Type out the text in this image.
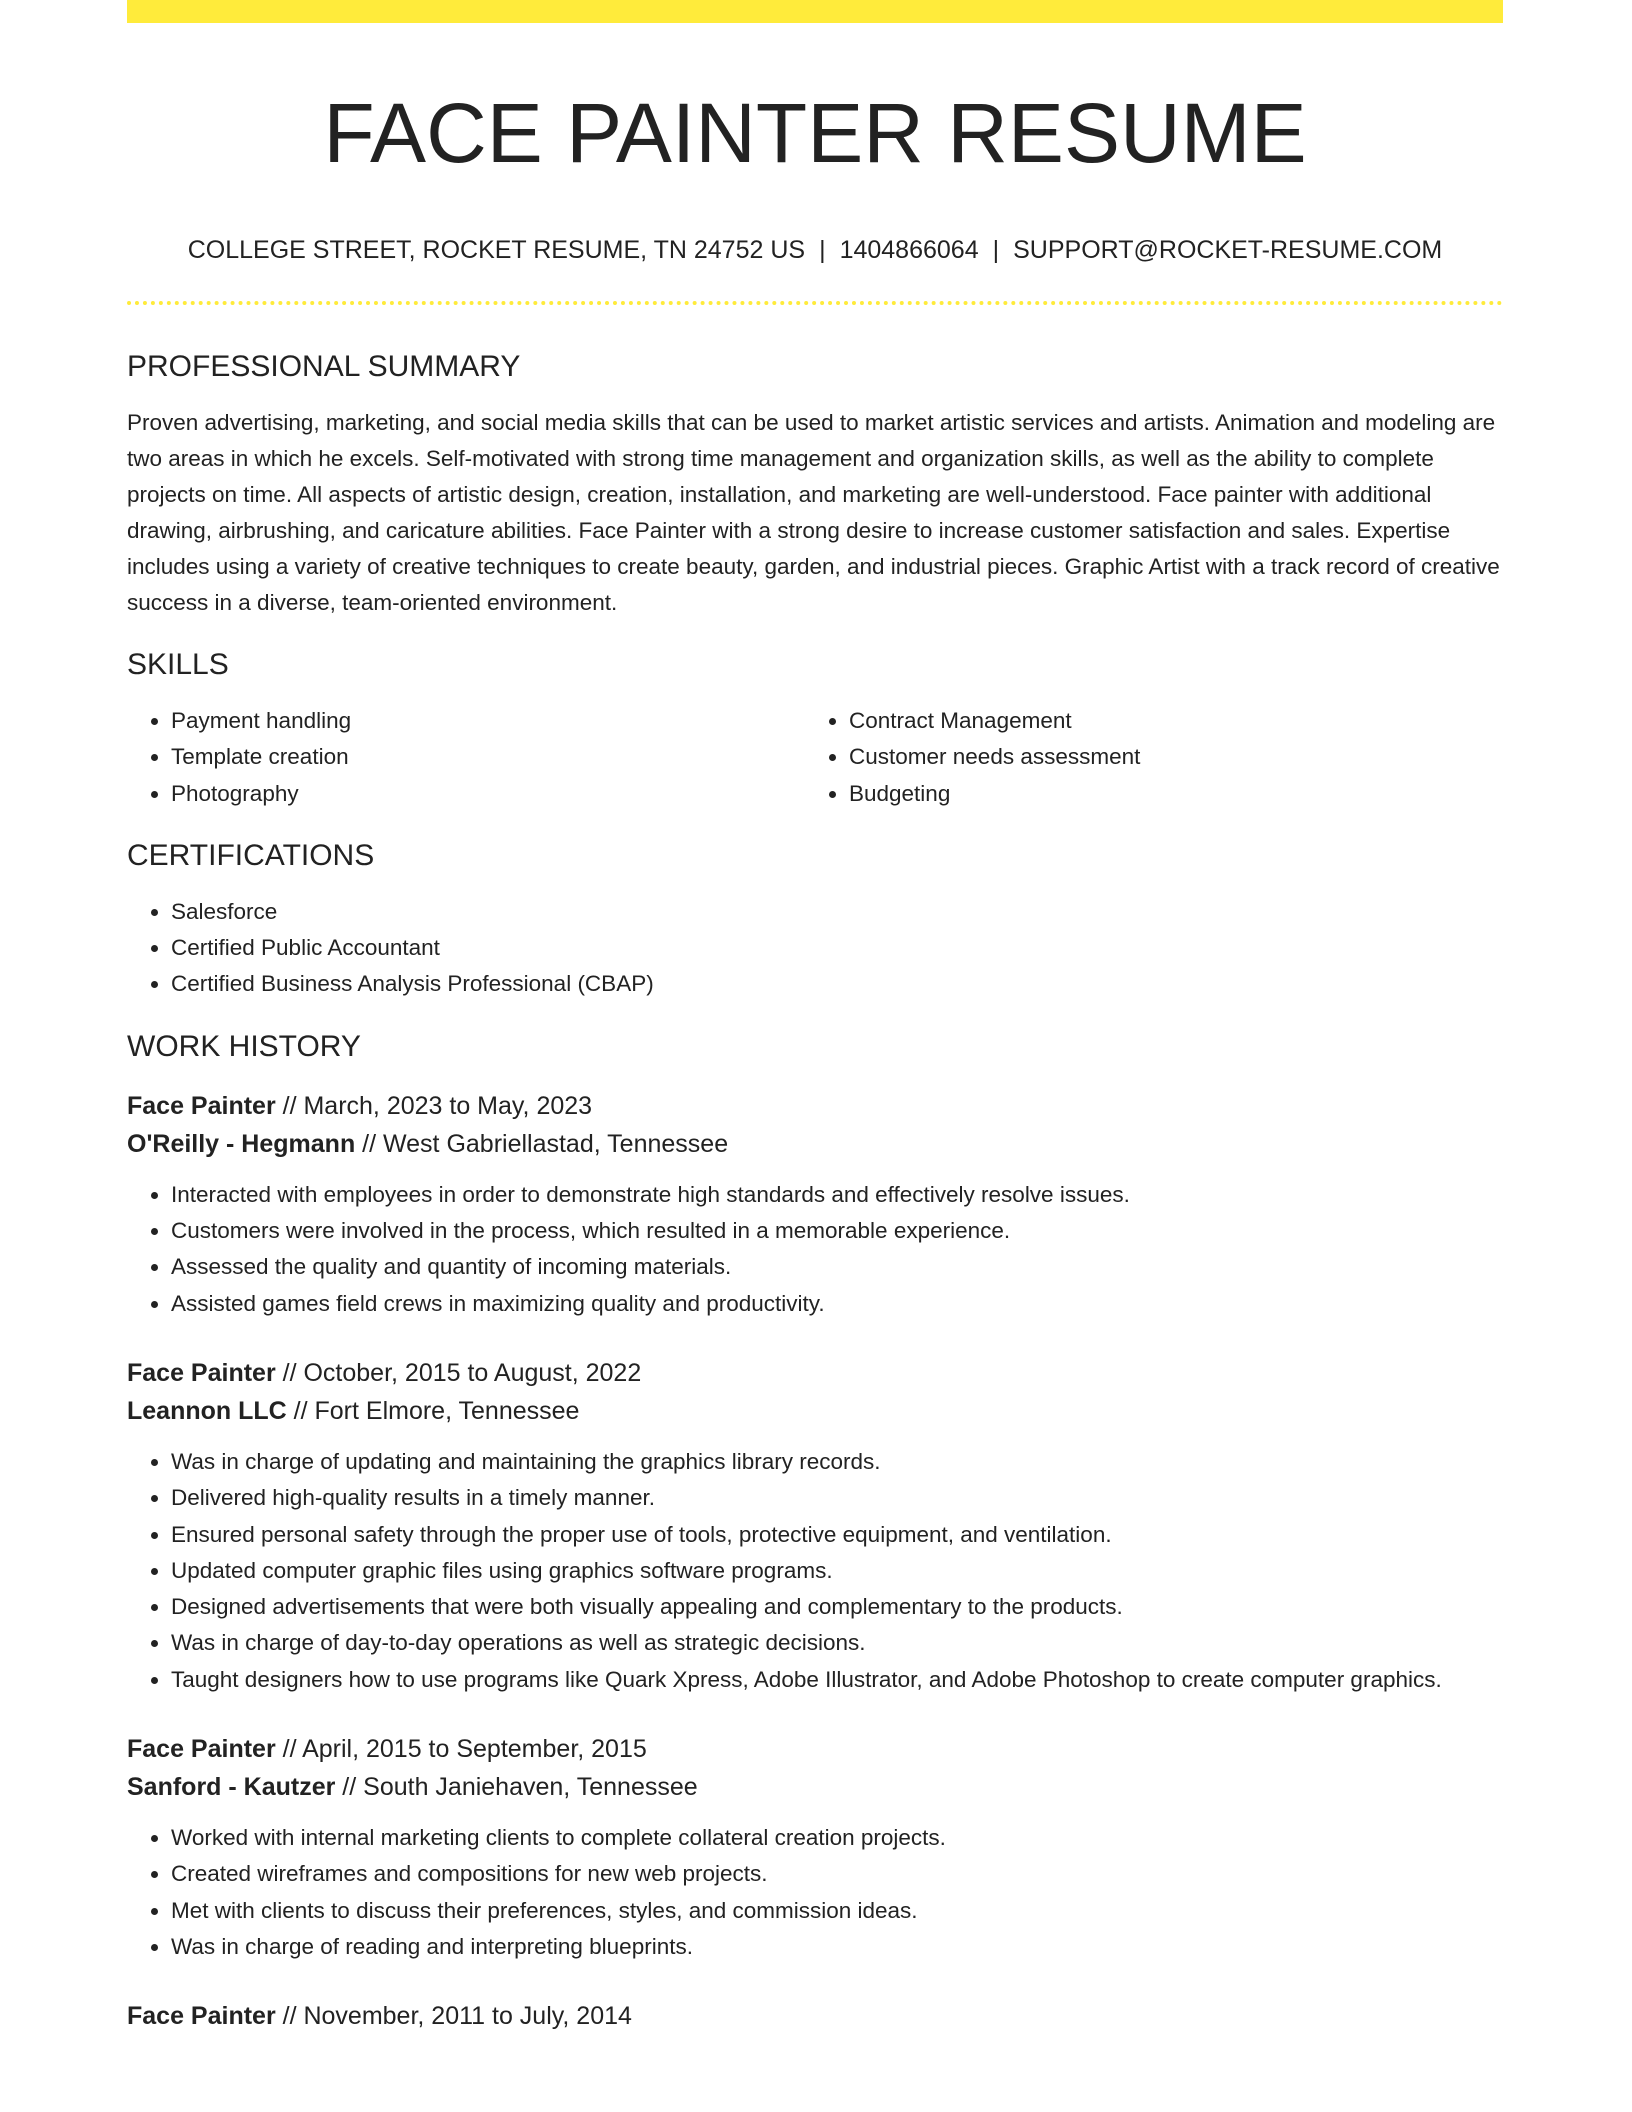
FACE PAINTER RESUME
COLLEGE STREET, ROCKET RESUME, TN 24752 US | 1404866064 | SUPPORT@ROCKET-RESUME.COM
PROFESSIONAL SUMMARY

Proven advertising, marketing, and social media skills that can be used to market artistic services and artists. Animation and modeling are two areas in which he excels. Self-motivated with strong time management and organization skills, as well as the ability to complete projects on time. All aspects of artistic design, creation, installation, and marketing are well-understood. Face painter with additional drawing, airbrushing, and caricature abilities. Face Painter with a strong desire to increase customer satisfaction and sales. Expertise includes using a variety of creative techniques to create beauty, garden, and industrial pieces. Graphic Artist with a track record of creative success in a diverse, team-oriented environment.

SKILLS
• Payment handling
• Template creation
• Photography
• Contract Management
• Customer needs assessment
• Budgeting
CERTIFICATIONS
• Salesforce
• Certified Public Accountant
• Certified Business Analysis Professional (CBAP)
WORK HISTORY

Face Painter // March, 2023 to May, 2023

O'Reilly - Hegmann // West Gabriellastad, Tennessee

• Interacted with employees in order to demonstrate high standards and effectively resolve issues.
• Customers were involved in the process, which resulted in a memorable experience.
• Assessed the quality and quantity of incoming materials.
• Assisted games field crews in maximizing quality and productivity.

Face Painter // October, 2015 to August, 2022

Leannon LLC // Fort Elmore, Tennessee

• Was in charge of updating and maintaining the graphics library records.
• Delivered high-quality results in a timely manner.
• Ensured personal safety through the proper use of tools, protective equipment, and ventilation.
• Updated computer graphic files using graphics software programs.
• Designed advertisements that were both visually appealing and complementary to the products.
• Was in charge of day-to-day operations as well as strategic decisions.
• Taught designers how to use programs like Quark Xpress, Adobe Illustrator, and Adobe Photoshop to create computer graphics.

Face Painter // April, 2015 to September, 2015

Sanford - Kautzer // South Janiehaven, Tennessee

• Worked with internal marketing clients to complete collateral creation projects.
• Created wireframes and compositions for new web projects.
• Met with clients to discuss their preferences, styles, and commission ideas.
• Was in charge of reading and interpreting blueprints.

Face Painter // November, 2011 to July, 2014
